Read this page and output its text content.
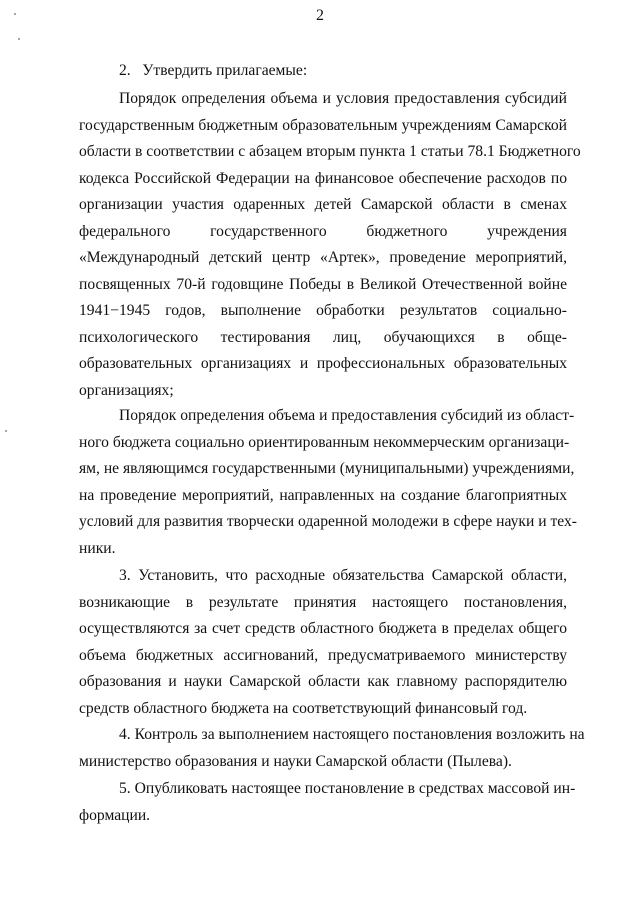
2
2.   Утвердить прилагаемые:
Порядок определения объема и условия предоставления субсидий
государственным бюджетным образовательным учреждениям Самарской
области в соответствии с абзацем вторым пункта 1 статьи 78.1 Бюджетного
кодекса Российской Федерации на финансовое обеспечение расходов по
организации участия одаренных детей Самарской области в сменах
федерального государственного бюджетного учреждения
«Международный детский центр «Артек», проведение мероприятий,
посвященных 70-й годовщине Победы в Великой Отечественной войне
1941−1945 годов, выполнение обработки результатов социально-
психологического тестирования лиц, обучающихся в обще-
образовательных организациях и профессиональных образовательных
организациях;
Порядок определения объема и предоставления субсидий из област-
ного бюджета социально ориентированным некоммерческим организаци-
ям, не являющимся государственными (муниципальными) учреждениями,
на проведение мероприятий, направленных на создание благоприятных
условий для развития творчески одаренной молодежи в сфере науки и тех-
ники.
3. Установить, что расходные обязательства Самарской области,
возникающие в результате принятия настоящего постановления,
осуществляются за счет средств областного бюджета в пределах общего
объема бюджетных ассигнований, предусматриваемого министерству
образования и науки Самарской области как главному распорядителю
средств областного бюджета на соответствующий финансовый год.
4. Контроль за выполнением настоящего постановления возложить на
министерство образования и науки Самарской области (Пылева).
5. Опубликовать настоящее постановление в средствах массовой ин-
формации.
